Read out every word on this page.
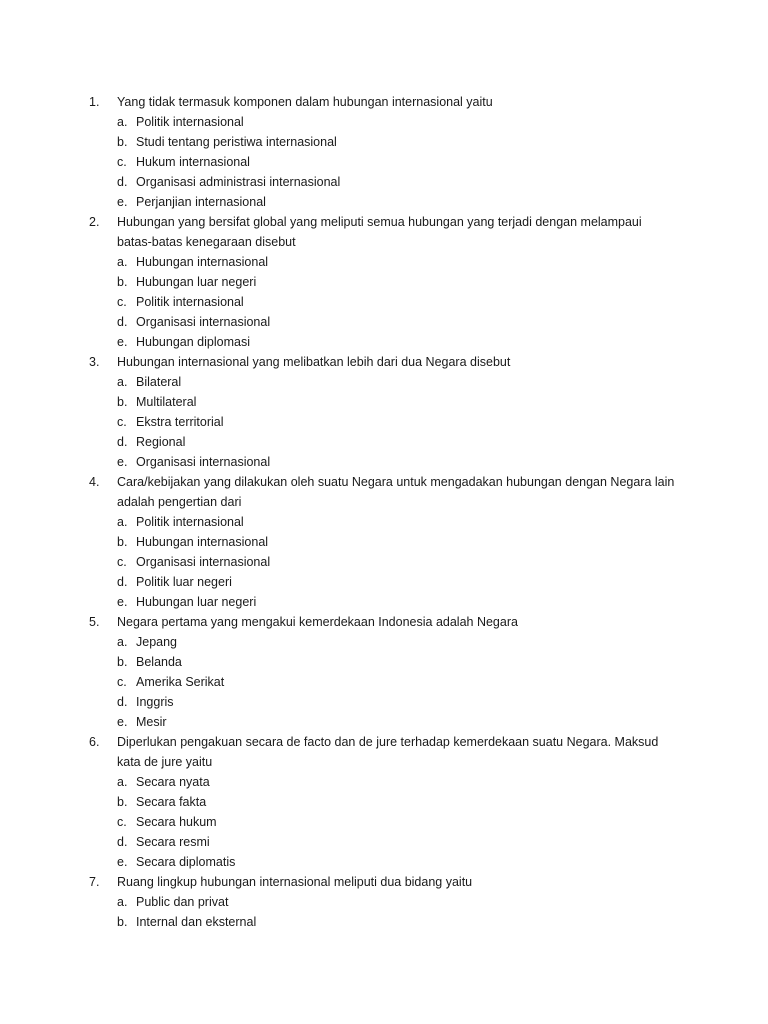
1.	Yang tidak termasuk komponen dalam hubungan internasional yaitu
a. Politik internasional
b. Studi tentang peristiwa internasional
c. Hukum internasional
d. Organisasi administrasi internasional
e. Perjanjian internasional
2.	Hubungan yang bersifat global yang meliputi semua hubungan yang terjadi dengan melampaui
batas-batas kenegaraan disebut
a. Hubungan internasional
b. Hubungan luar negeri
c. Politik internasional
d. Organisasi internasional
e. Hubungan diplomasi
3.	Hubungan internasional yang melibatkan lebih dari dua Negara disebut
a. Bilateral
b. Multilateral
c. Ekstra territorial
d. Regional
e. Organisasi internasional
4.	Cara/kebijakan yang dilakukan oleh suatu Negara untuk mengadakan hubungan dengan Negara lain
adalah pengertian dari
a. Politik internasional
b. Hubungan internasional
c. Organisasi internasional
d. Politik luar negeri
e. Hubungan luar negeri
5.	Negara pertama yang mengakui kemerdekaan Indonesia adalah Negara
a. Jepang
b. Belanda
c. Amerika Serikat
d. Inggris
e. Mesir
6.	Diperlukan pengakuan secara de facto dan de jure terhadap kemerdekaan suatu Negara. Maksud
kata de jure yaitu
a. Secara nyata
b. Secara fakta
c. Secara hukum
d. Secara resmi
e. Secara diplomatis
7.	Ruang lingkup hubungan internasional meliputi dua bidang yaitu
a. Public dan privat
b. Internal dan eksternal
